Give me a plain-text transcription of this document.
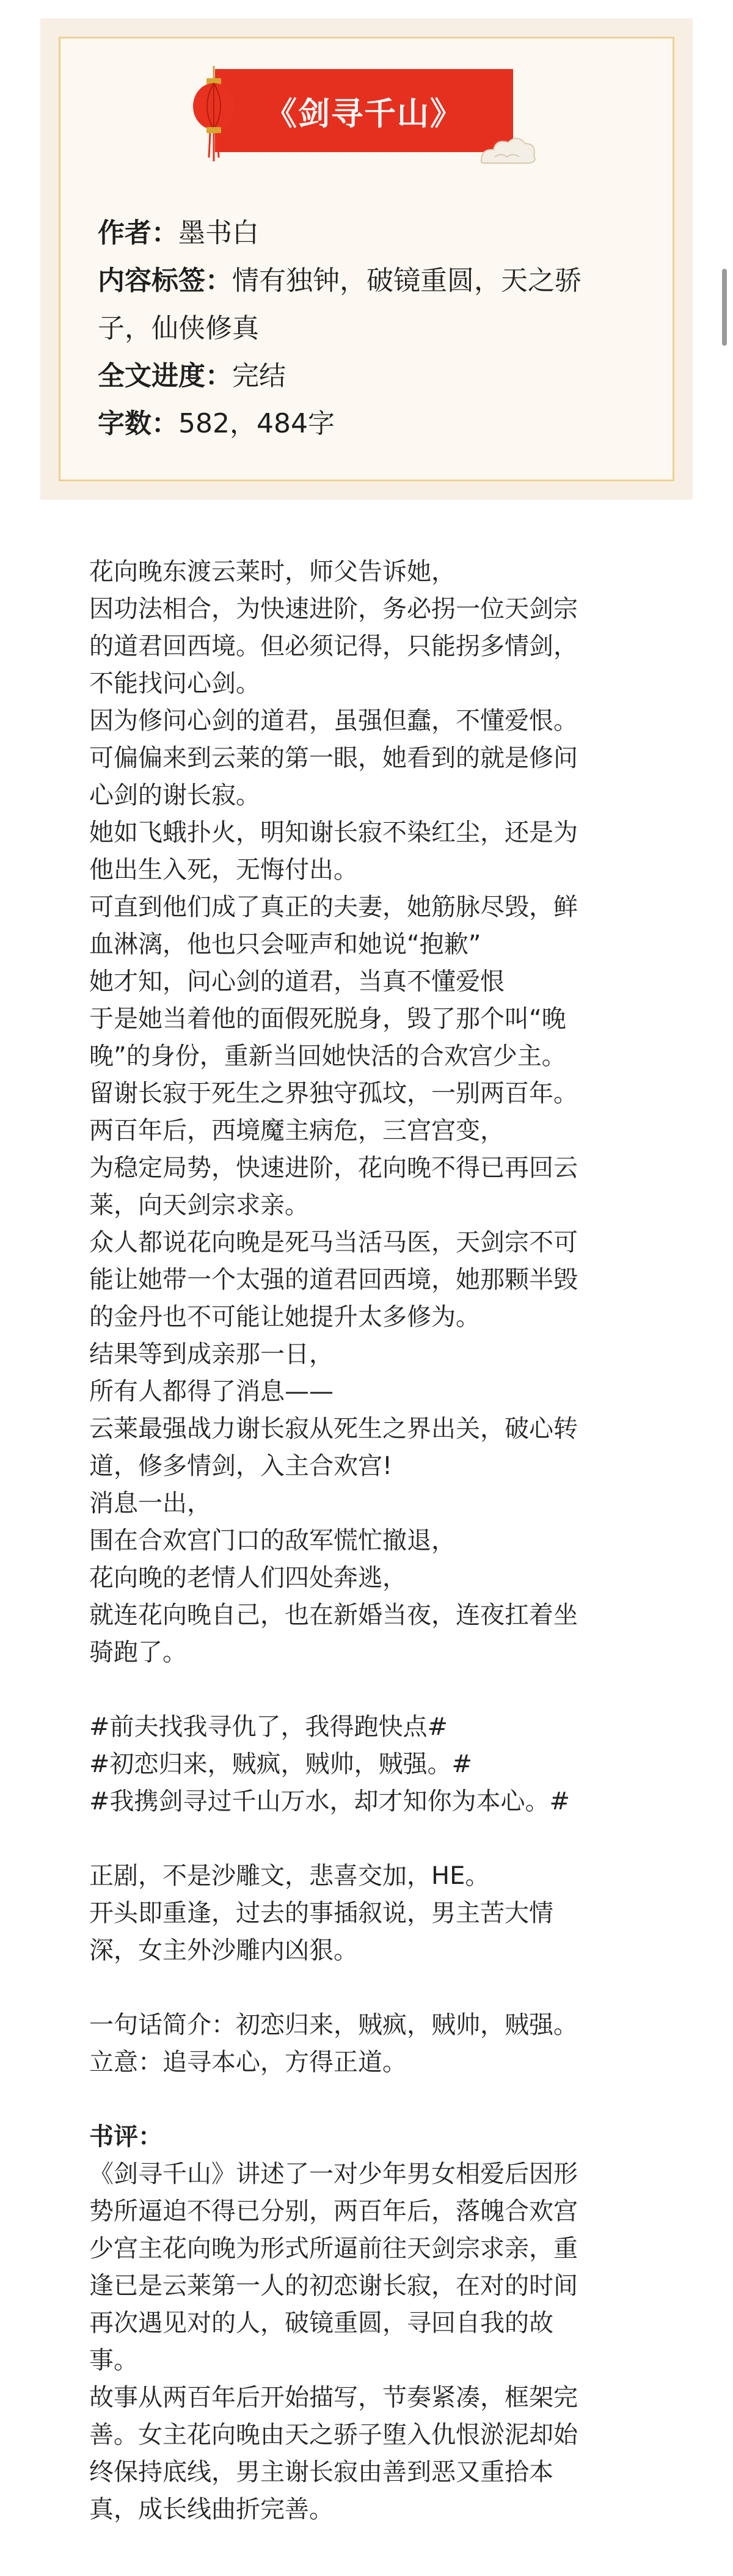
《剑寻千山》
作者：墨书白
内容标签：情有独钟，破镜重圆，天之骄
子，仙侠修真
全文进度：完结
字数：582，484字
花向晚东渡云莱时，师父告诉她，
因功法相合，为快速进阶，务必拐一位天剑宗
的道君回西境。但必须记得，只能拐多情剑，
不能找问心剑。
因为修问心剑的道君，虽强但蠢，不懂爱恨。
可偏偏来到云莱的第一眼，她看到的就是修问
心剑的谢长寂。
她如飞蛾扑火，明知谢长寂不染红尘，还是为
他出生入死，无悔付出。
可直到他们成了真正的夫妻，她筋脉尽毁，鲜
血淋漓，他也只会哑声和她说“抱歉”
她才知，问心剑的道君，当真不懂爱恨
于是她当着他的面假死脱身，毁了那个叫“晚
晚”的身份，重新当回她快活的合欢宫少主。
留谢长寂于死生之界独守孤坟，一别两百年。
两百年后，西境魔主病危，三宫宫变，
为稳定局势，快速进阶，花向晚不得已再回云
莱，向天剑宗求亲。
众人都说花向晚是死马当活马医，天剑宗不可
能让她带一个太强的道君回西境，她那颗半毁
的金丹也不可能让她提升太多修为。
结果等到成亲那一日，
所有人都得了消息——
云莱最强战力谢长寂从死生之界出关，破心转
道，修多情剑，入主合欢宫!
消息一出，
围在合欢宫门口的敌军慌忙撤退，
花向晚的老情人们四处奔逃，
就连花向晚自己，也在新婚当夜，连夜扛着坐
骑跑了。
#前夫找我寻仇了，我得跑快点#
#初恋归来，贼疯，贼帅，贼强。#
#我携剑寻过千山万水，却才知你为本心。#
正剧，不是沙雕文，悲喜交加，HE。
开头即重逢，过去的事插叙说，男主苦大情
深，女主外沙雕内凶狠。
一句话简介：初恋归来，贼疯，贼帅，贼强。
立意：追寻本心，方得正道。
书评：
《剑寻千山》讲述了一对少年男女相爱后因形
势所逼迫不得已分别，两百年后，落魄合欢宫
少宫主花向晚为形式所逼前往天剑宗求亲，重
逢已是云莱第一人的初恋谢长寂，在对的时间
再次遇见对的人，破镜重圆，寻回自我的故
事。
故事从两百年后开始描写，节奏紧凑，框架完
善。女主花向晚由天之骄子堕入仇恨淤泥却始
终保持底线，男主谢长寂由善到恶又重拾本
真，成长线曲折完善。
